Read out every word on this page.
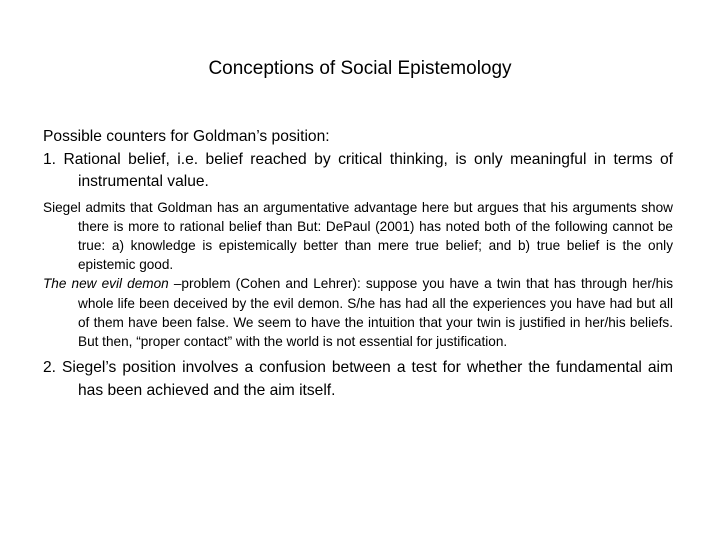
Conceptions of Social Epistemology

Possible counters for Goldman’s position:

1. Rational belief, i.e. belief reached by critical thinking, is only meaningful in terms of instrumental value.

Siegel admits that Goldman has an argumentative advantage here but argues that his arguments show there is more to rational belief than But: DePaul (2001) has noted both of the following cannot be true: a) knowledge is epistemically better than mere true belief; and b) true belief is the only epistemic good.

The new evil demon –problem (Cohen and Lehrer): suppose you have a twin that has through her/his whole life been deceived by the evil demon. S/he has had all the experiences you have had but all of them have been false. We seem to have the intuition that your twin is justified in her/his beliefs. But then, “proper contact” with the world is not essential for justification.

2. Siegel’s position involves a confusion between a test for whether the fundamental aim has been achieved and the aim itself.
